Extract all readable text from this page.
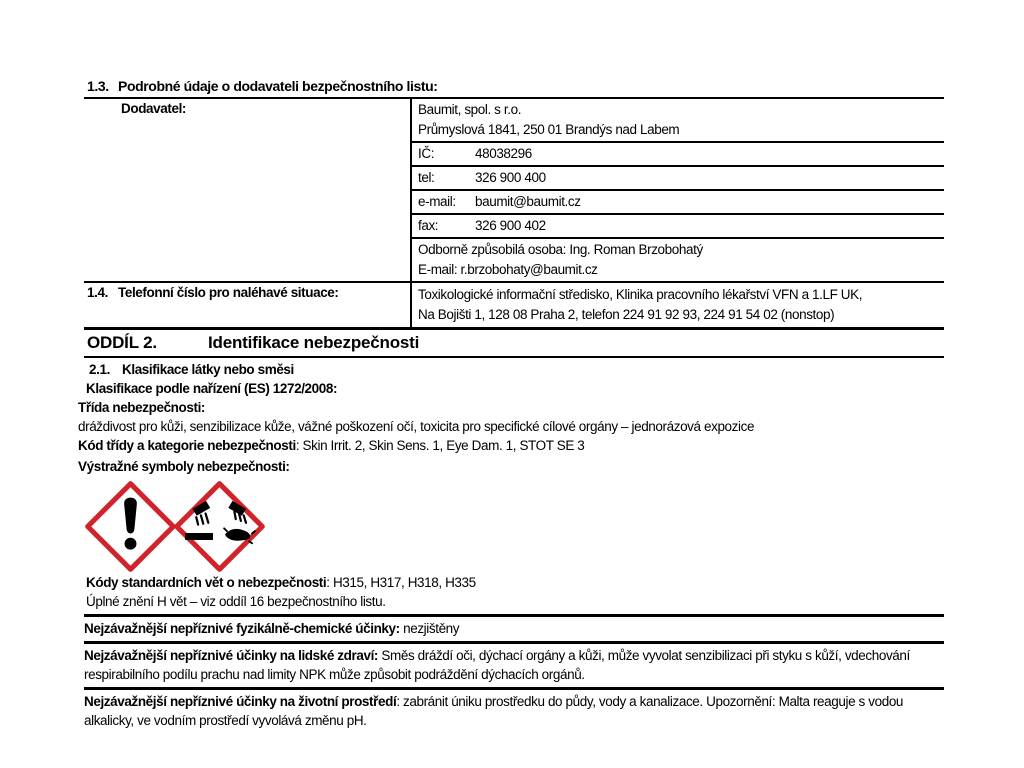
1.3. Podrobné údaje o dodavateli bezpečnostního listu:
Dodavatel:	Baumit, spol. s r.o.
Průmyslová 1841, 250 01 Brandýs nad Labem
IČ:	48038296
tel:	326 900 400
e-mail:	baumit@baumit.cz
fax:	326 900 402
Odborně způsobilá osoba: Ing. Roman Brzobohatý
E-mail: r.brzobohaty@baumit.cz
1.4. Telefonní číslo pro naléhavé situace:	Toxikologické informační středisko, Klinika pracovního lékařství VFN a 1.LF UK,
Na Bojišti 1, 128 08 Praha 2, telefon 224 91 92 93, 224 91 54 02 (nonstop)
ODDÍL 2.	Identifikace nebezpečnosti
2.1. Klasifikace látky nebo směsi

Klasifikace podle nařízení (ES) 1272/2008:

Třída nebezpečnosti:

dráždivost pro kůži, senzibilizace kůže, vážné poškození očí, toxicita pro specifické cílové orgány – jednorázová expozice

Kód třídy a kategorie nebezpečnosti: Skin Irrit. 2, Skin Sens. 1, Eye Dam. 1, STOT SE 3

Výstražné symboly nebezpečnosti:

Kódy standardních vět o nebezpečnosti: H315, H317, H318, H335

Úplné znění H vět – viz oddíl 16 bezpečnostního listu.

Nejzávažnější nepříznivé fyzikálně-chemické účinky: nezjištěny

Nejzávažnější nepříznivé účinky na lidské zdraví: Směs dráždí oči, dýchací orgány a kůži, může vyvolat senzibilizaci při styku s kůží, vdechování respirabilního podílu prachu nad limity NPK může způsobit podráždění dýchacích orgánů.

Nejzávažnější nepříznivé účinky na životní prostředí: zabránit úniku prostředku do půdy, vody a kanalizace. Upozornění: Malta reaguje s vodou alkalicky, ve vodním prostředí vyvolává změnu pH.
